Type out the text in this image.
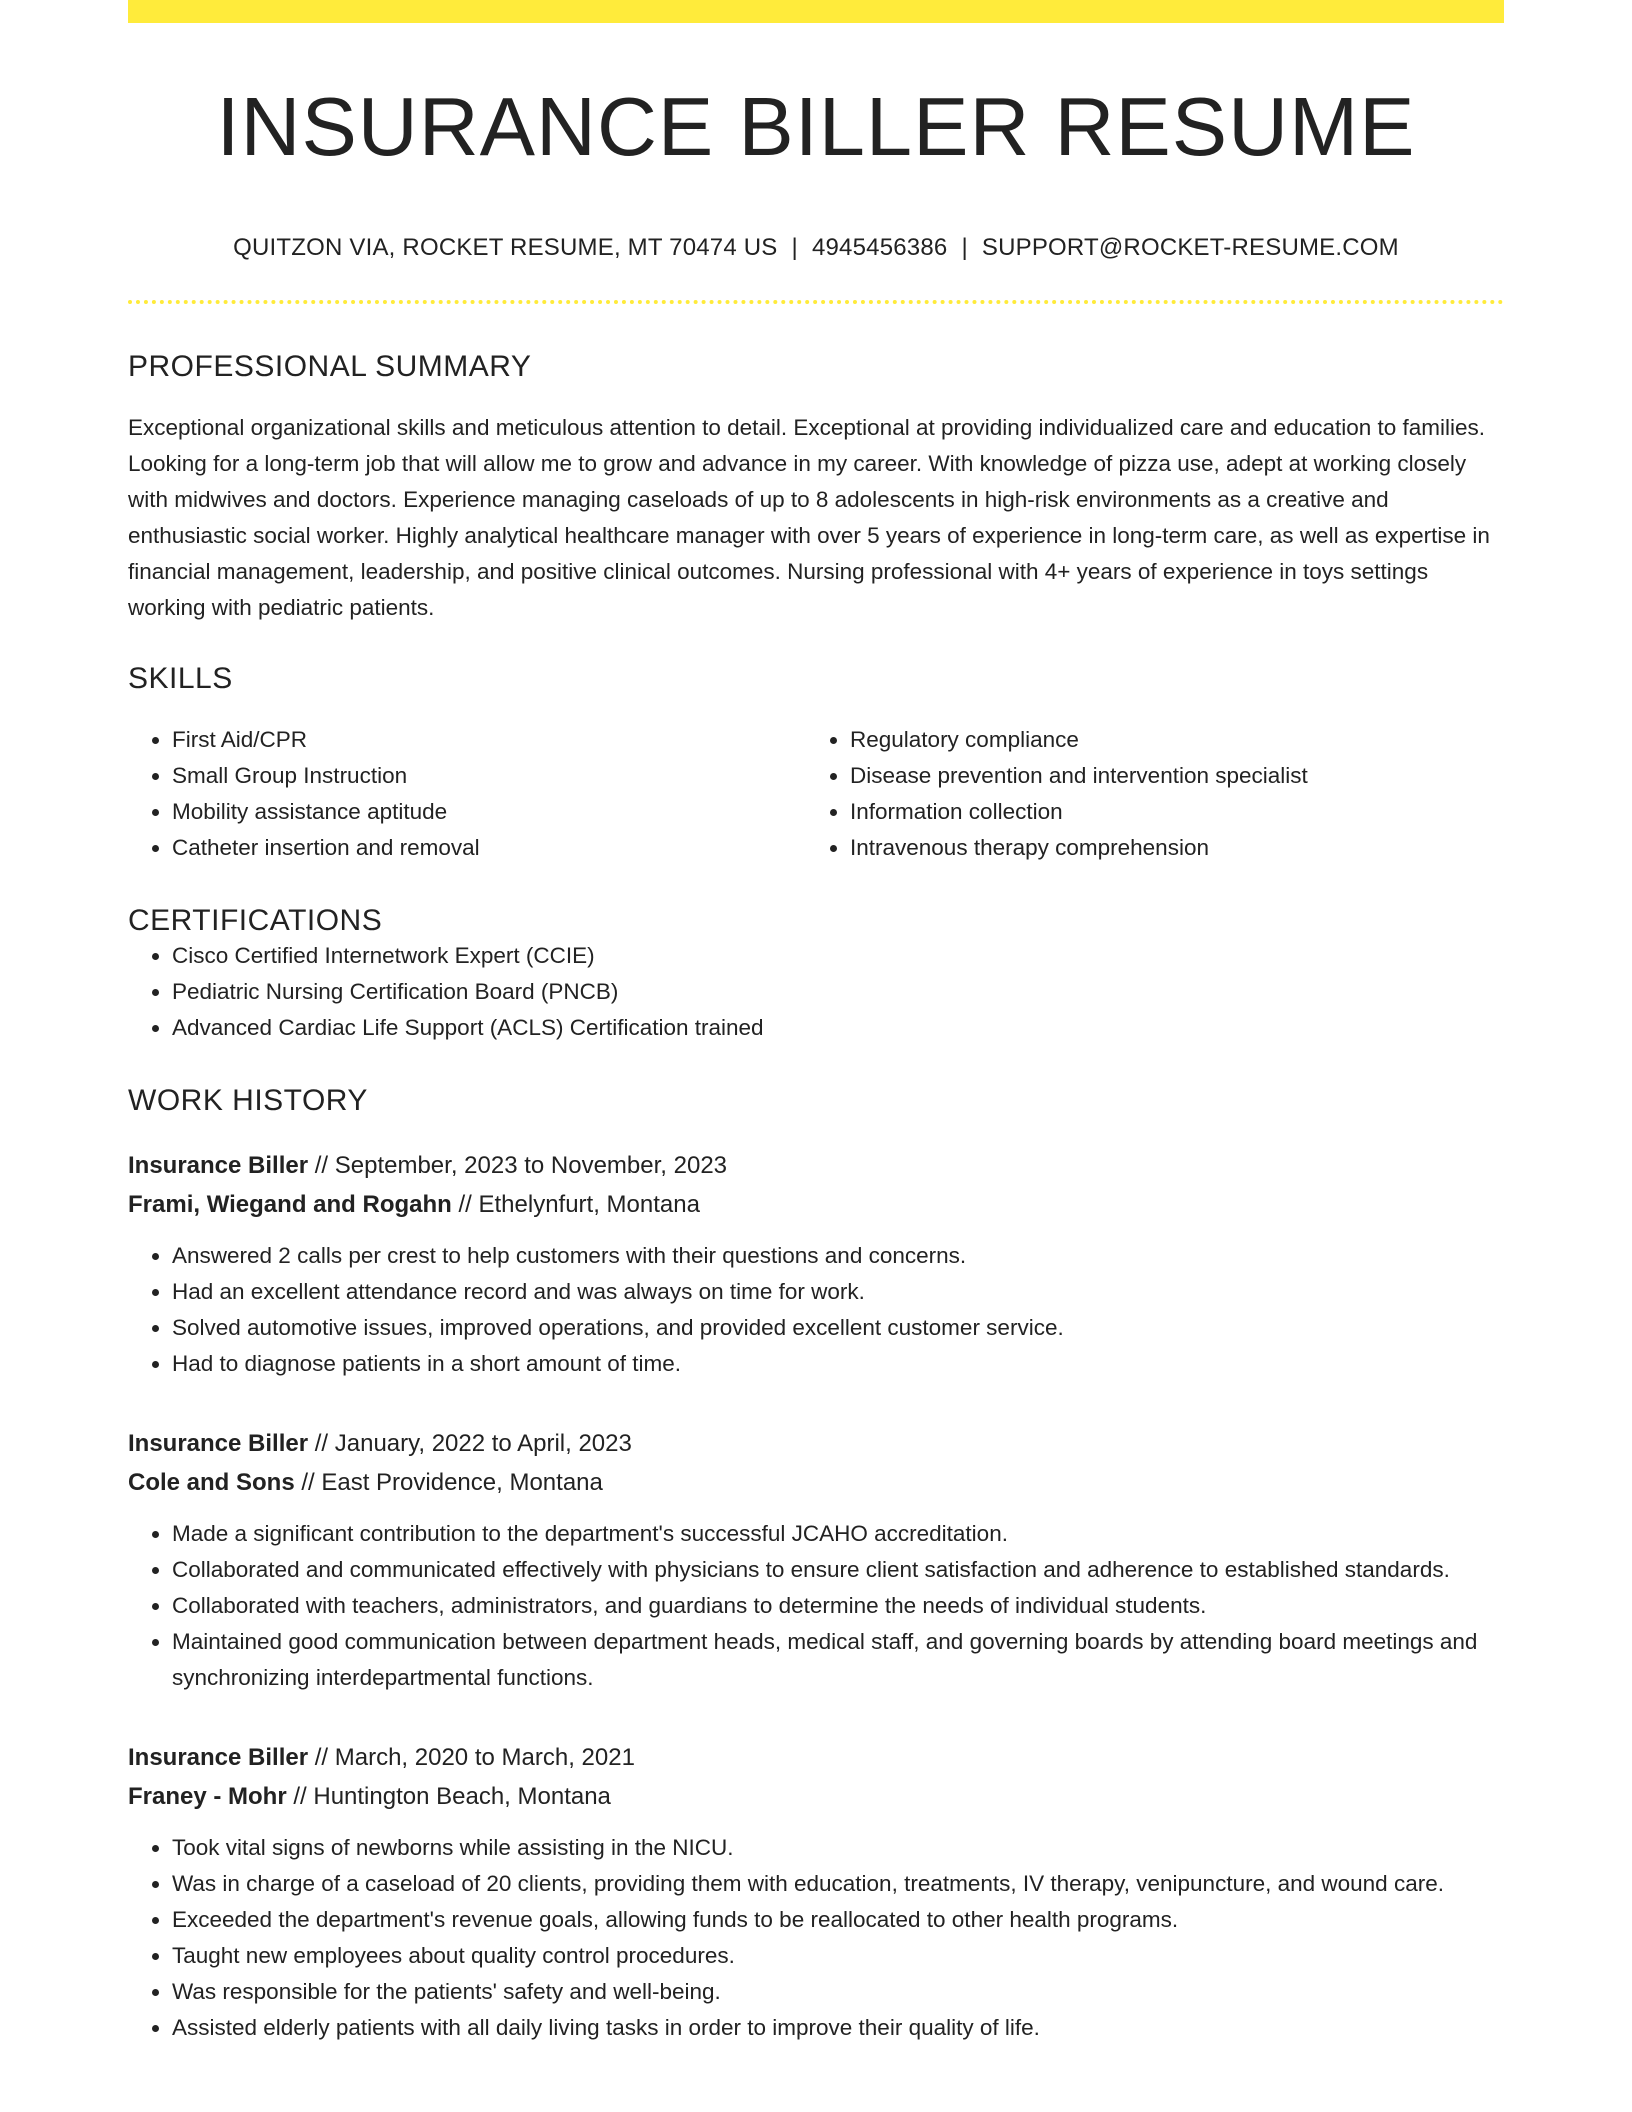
INSURANCE BILLER RESUME
QUITZON VIA, ROCKET RESUME, MT 70474 US | 4945456386 | SUPPORT@ROCKET-RESUME.COM
PROFESSIONAL SUMMARY

Exceptional organizational skills and meticulous attention to detail. Exceptional at providing individualized care and education to families. Looking for a long-term job that will allow me to grow and advance in my career. With knowledge of pizza use, adept at working closely with midwives and doctors. Experience managing caseloads of up to 8 adolescents in high-risk environments as a creative and enthusiastic social worker. Highly analytical healthcare manager with over 5 years of experience in long-term care, as well as expertise in financial management, leadership, and positive clinical outcomes. Nursing professional with 4+ years of experience in toys settings working with pediatric patients.

SKILLS
• First Aid/CPR
• Small Group Instruction
• Mobility assistance aptitude
• Catheter insertion and removal
• Regulatory compliance
• Disease prevention and intervention specialist
• Information collection
• Intravenous therapy comprehension
CERTIFICATIONS
• Cisco Certified Internetwork Expert (CCIE)
• Pediatric Nursing Certification Board (PNCB)
• Advanced Cardiac Life Support (ACLS) Certification trained
WORK HISTORY
Insurance Biller // September, 2023 to November, 2023
Frami, Wiegand and Rogahn // Ethelynfurt, Montana
• Answered 2 calls per crest to help customers with their questions and concerns.
• Had an excellent attendance record and was always on time for work.
• Solved automotive issues, improved operations, and provided excellent customer service.
• Had to diagnose patients in a short amount of time.
Insurance Biller // January, 2022 to April, 2023
Cole and Sons // East Providence, Montana
• Made a significant contribution to the department's successful JCAHO accreditation.
• Collaborated and communicated effectively with physicians to ensure client satisfaction and adherence to established standards.
• Collaborated with teachers, administrators, and guardians to determine the needs of individual students.
• Maintained good communication between department heads, medical staff, and governing boards by attending board meetings and synchronizing interdepartmental functions.
Insurance Biller // March, 2020 to March, 2021
Franey - Mohr // Huntington Beach, Montana
• Took vital signs of newborns while assisting in the NICU.
• Was in charge of a caseload of 20 clients, providing them with education, treatments, IV therapy, venipuncture, and wound care.
• Exceeded the department's revenue goals, allowing funds to be reallocated to other health programs.
• Taught new employees about quality control procedures.
• Was responsible for the patients' safety and well-being.
• Assisted elderly patients with all daily living tasks in order to improve their quality of life.
